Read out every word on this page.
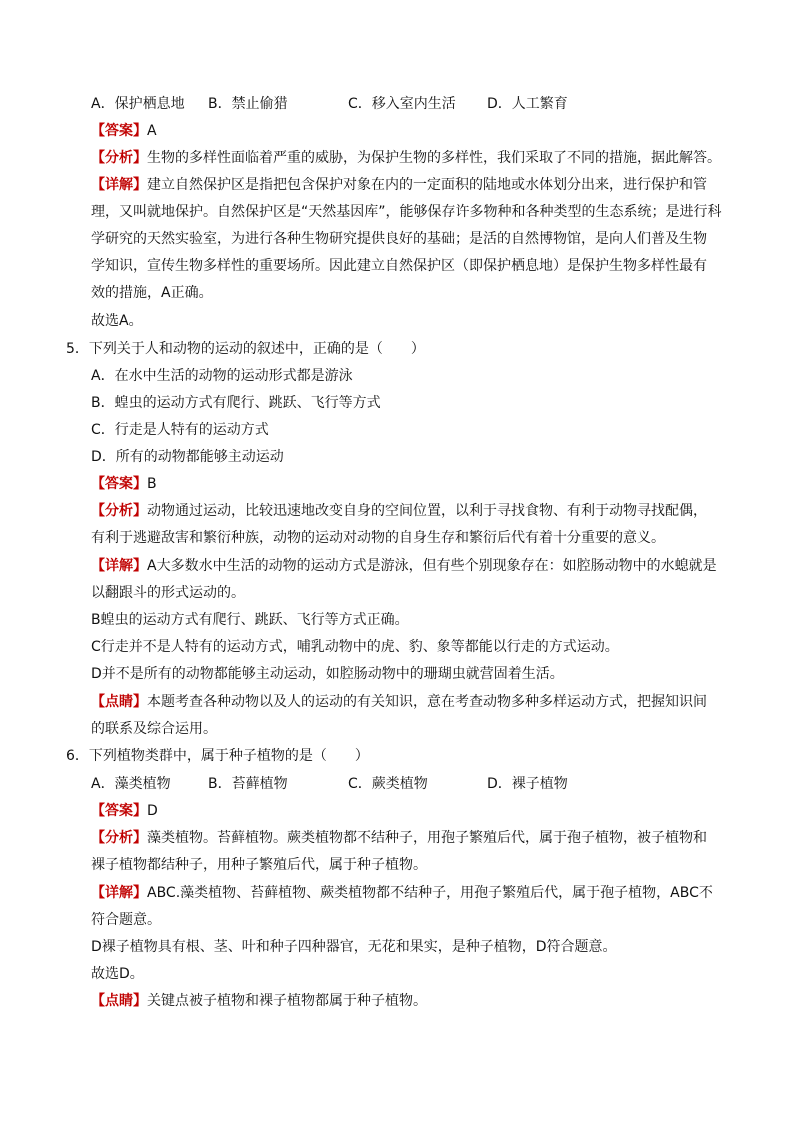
A．保护栖息地 B．禁止偷猎	C．移入室内生活 D．人工繁育
【答案】A
【分析】生物的多样性面临着严重的威胁，为保护生物的多样性，我们采取了不同的措施，据此解答。
【详解】建立自然保护区是指把包含保护对象在内的一定面积的陆地或水体划分出来，进行保护和管
理，又叫就地保护。自然保护区是“天然基因库”，能够保存许多物种和各种类型的生态系统；是进行科
学研究的天然实验室，为进行各种生物研究提供良好的基础；是活的自然博物馆，是向人们普及生物
学知识，宣传生物多样性的重要场所。因此建立自然保护区（即保护栖息地）是保护生物多样性最有
效的措施，A正确。
故选A。
5．下列关于人和动物的运动的叙述中，正确的是（　　）
A．在水中生活的动物的运动形式都是游泳
B．蝗虫的运动方式有爬行、跳跃、飞行等方式
C．行走是人特有的运动方式
D．所有的动物都能够主动运动
【答案】B
【分析】动物通过运动，比较迅速地改变自身的空间位置，以利于寻找食物、有利于动物寻找配偶，
有利于逃避敌害和繁衍种族，动物的运动对动物的自身生存和繁衍后代有着十分重要的意义。
【详解】A大多数水中生活的动物的运动方式是游泳，但有些个别现象存在：如腔肠动物中的水螅就是
以翻跟斗的形式运动的。
B蝗虫的运动方式有爬行、跳跃、飞行等方式正确。
C行走并不是人特有的运动方式，哺乳动物中的虎、豹、象等都能以行走的方式运动。
D并不是所有的动物都能够主动运动，如腔肠动物中的珊瑚虫就营固着生活。
【点睛】本题考查各种动物以及人的运动的有关知识，意在考查动物多种多样运动方式，把握知识间
的联系及综合运用。
6．下列植物类群中，属于种子植物的是（　　）
A．藻类植物	B．苔藓植物	C．蕨类植物	D．裸子植物
【答案】D
【分析】藻类植物。苔藓植物。蕨类植物都不结种子，用孢子繁殖后代，属于孢子植物，被子植物和
裸子植物都结种子，用种子繁殖后代，属于种子植物。
【详解】ABC.藻类植物、苔藓植物、蕨类植物都不结种子，用孢子繁殖后代，属于孢子植物，ABC不
符合题意。
D裸子植物具有根、茎、叶和种子四种器官，无花和果实，是种子植物，D符合题意。
故选D。
【点睛】关键点被子植物和裸子植物都属于种子植物。
